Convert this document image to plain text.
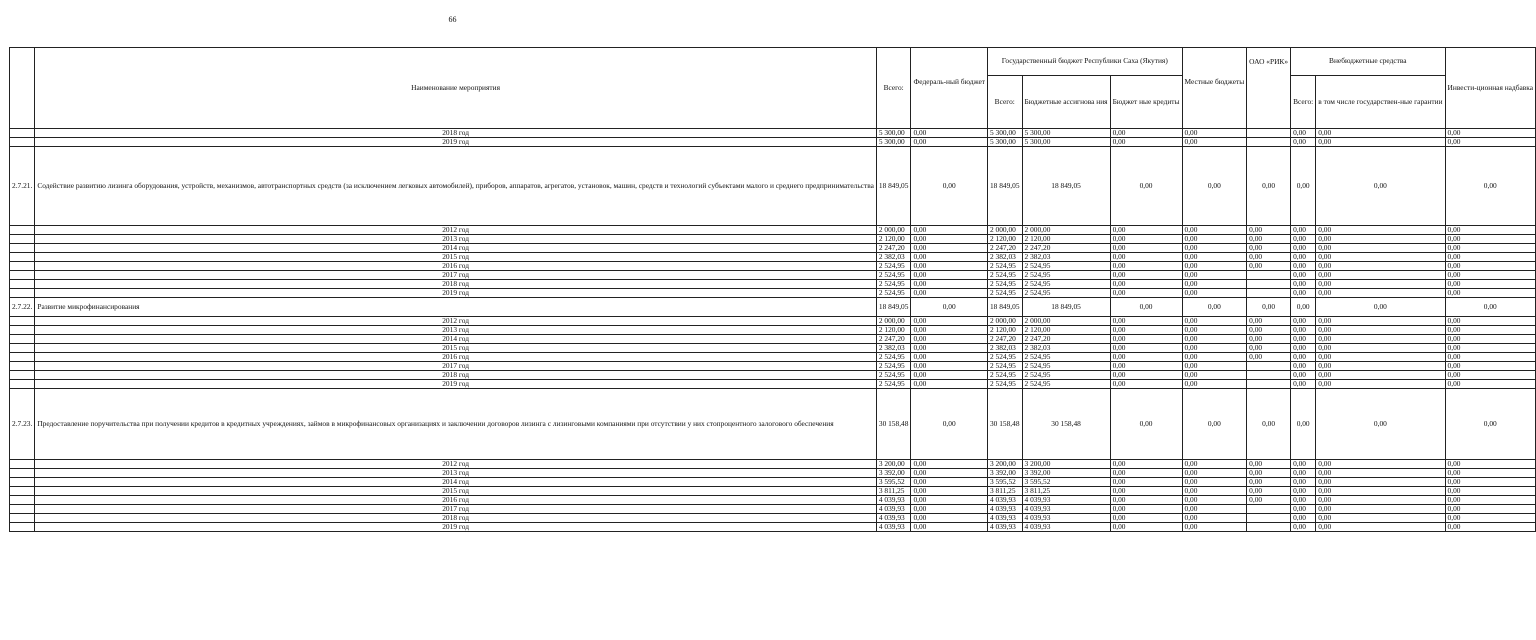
66
	Наименование мероприятия	Всего:	Федераль-ный бюджет	Государственный бюджет Республики Саха (Якутия)			Местные бюджеты	ОАО «РИК»	Внебюджетные средства		Инвести-ционная надбавка
				Всего:	Бюджетные ассигнова ния	Бюджет ные кредиты			Всего:	в том числе государствен-ные гарантии	
	2018 год	5 300,00	0,00	5 300,00	5 300,00	0,00	0,00		0,00	0,00	0,00
	2019 год	5 300,00	0,00	5 300,00	5 300,00	0,00	0,00		0,00	0,00	0,00
2.7.21.	Содействие развитию лизинга оборудования, устройств, механизмов, автотранспортных средств (за исключением легковых автомобилей), приборов, аппаратов, агрегатов, установок, машин, средств и технологий субъектами малого и среднего предпринимательства	18 849,05	0,00	18 849,05	18 849,05	0,00	0,00	0,00	0,00	0,00	0,00
	2012 год	2 000,00	0,00	2 000,00	2 000,00	0,00	0,00	0,00	0,00	0,00	0,00
	2013 год	2 120,00	0,00	2 120,00	2 120,00	0,00	0,00	0,00	0,00	0,00	0,00
	2014 год	2 247,20	0,00	2 247,20	2 247,20	0,00	0,00	0,00	0,00	0,00	0,00
	2015 год	2 382,03	0,00	2 382,03	2 382,03	0,00	0,00	0,00	0,00	0,00	0,00
	2016 год	2 524,95	0,00	2 524,95	2 524,95	0,00	0,00	0,00	0,00	0,00	0,00
	2017 год	2 524,95	0,00	2 524,95	2 524,95	0,00	0,00		0,00	0,00	0,00
	2018 год	2 524,95	0,00	2 524,95	2 524,95	0,00	0,00		0,00	0,00	0,00
	2019 год	2 524,95	0,00	2 524,95	2 524,95	0,00	0,00		0,00	0,00	0,00
2.7.22.	Развитие микрофинансирования	18 849,05	0,00	18 849,05	18 849,05	0,00	0,00	0,00	0,00	0,00	0,00
	2012 год	2 000,00	0,00	2 000,00	2 000,00	0,00	0,00	0,00	0,00	0,00	0,00
	2013 год	2 120,00	0,00	2 120,00	2 120,00	0,00	0,00	0,00	0,00	0,00	0,00
	2014 год	2 247,20	0,00	2 247,20	2 247,20	0,00	0,00	0,00	0,00	0,00	0,00
	2015 год	2 382,03	0,00	2 382,03	2 382,03	0,00	0,00	0,00	0,00	0,00	0,00
	2016 год	2 524,95	0,00	2 524,95	2 524,95	0,00	0,00	0,00	0,00	0,00	0,00
	2017 год	2 524,95	0,00	2 524,95	2 524,95	0,00	0,00		0,00	0,00	0,00
	2018 год	2 524,95	0,00	2 524,95	2 524,95	0,00	0,00		0,00	0,00	0,00
	2019 год	2 524,95	0,00	2 524,95	2 524,95	0,00	0,00		0,00	0,00	0,00
2.7.23.	Предоставление поручительства при получении кредитов в кредитных учреждениях, займов в микрофинансовых организациях и заключении договоров лизинга с лизинговыми компаниями при отсутствии у них стопроцентного залогового обеспечения	30 158,48	0,00	30 158,48	30 158,48	0,00	0,00	0,00	0,00	0,00	0,00
	2012 год	3 200,00	0,00	3 200,00	3 200,00	0,00	0,00	0,00	0,00	0,00	0,00
	2013 год	3 392,00	0,00	3 392,00	3 392,00	0,00	0,00	0,00	0,00	0,00	0,00
	2014 год	3 595,52	0,00	3 595,52	3 595,52	0,00	0,00	0,00	0,00	0,00	0,00
	2015 год	3 811,25	0,00	3 811,25	3 811,25	0,00	0,00	0,00	0,00	0,00	0,00
	2016 год	4 039,93	0,00	4 039,93	4 039,93	0,00	0,00	0,00	0,00	0,00	0,00
	2017 год	4 039,93	0,00	4 039,93	4 039,93	0,00	0,00		0,00	0,00	0,00
	2018 год	4 039,93	0,00	4 039,93	4 039,93	0,00	0,00		0,00	0,00	0,00
	2019 год	4 039,93	0,00	4 039,93	4 039,93	0,00	0,00		0,00	0,00	0,00
